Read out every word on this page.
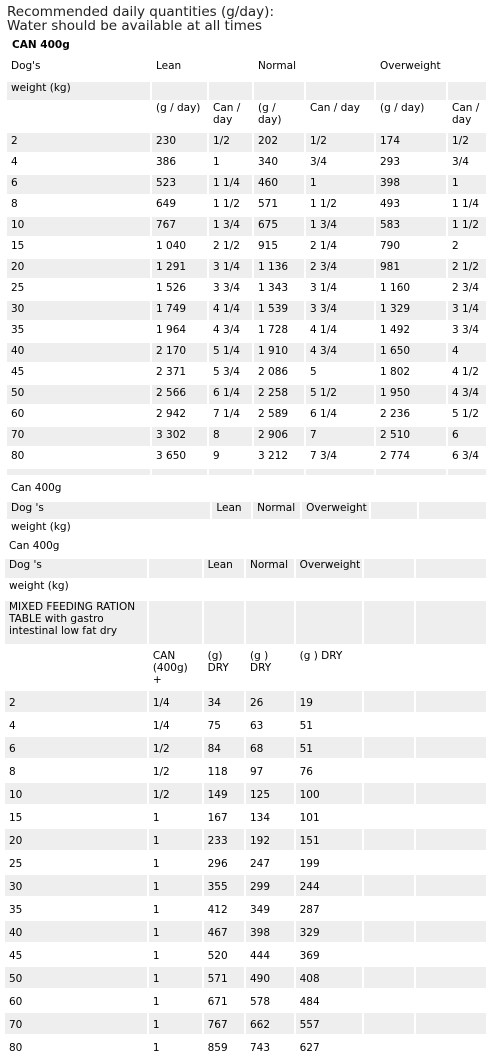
Recommended daily quantities (g/day):
Water should be available at all times
CAN 400g
Dog's	Lean		Normal		Overweight	
weight (kg)						
	(g / day)	Can / day	(g / day)	Can / day	(g / day)	Can / day
2	230	1/2	202	1/2	174	1/2
4	386	1	340	3/4	293	3/4
6	523	1 1/4	460	1	398	1
8	649	1 1/2	571	1 1/2	493	1 1/4
10	767	1 3/4	675	1 3/4	583	1 1/2
15	1 040	2 1/2	915	2 1/4	790	2
20	1 291	3 1/4	1 136	2 3/4	981	2 1/2
25	1 526	3 3/4	1 343	3 1/4	1 160	2 3/4
30	1 749	4 1/4	1 539	3 3/4	1 329	3 1/4
35	1 964	4 3/4	1 728	4 1/4	1 492	3 3/4
40	2 170	5 1/4	1 910	4 3/4	1 650	4
45	2 371	5 3/4	2 086	5	1 802	4 1/2
50	2 566	6 1/4	2 258	5 1/2	1 950	4 3/4
60	2 942	7 1/4	2 589	6 1/4	2 236	5 1/2
70	3 302	8	2 906	7	2 510	6
80	3 650	9	3 212	7 3/4	2 774	6 3/4

Can 400g					
Dog 's	Lean	Normal	Overweight		
weight (kg)					
Can 400g						
Dog 's		Lean	Normal	Overweight		
weight (kg)						
MIXED FEEDING RATION TABLE with gastro intestinal low fat dry						
	CAN (400g) +	(g) DRY	(g ) DRY	(g ) DRY		
2	1/4	34	26	19		
4	1/4	75	63	51		
6	1/2	84	68	51		
8	1/2	118	97	76		
10	1/2	149	125	100		
15	1	167	134	101		
20	1	233	192	151		
25	1	296	247	199		
30	1	355	299	244		
35	1	412	349	287		
40	1	467	398	329		
45	1	520	444	369		
50	1	571	490	408		
60	1	671	578	484		
70	1	767	662	557		
80	1	859	743	627		
